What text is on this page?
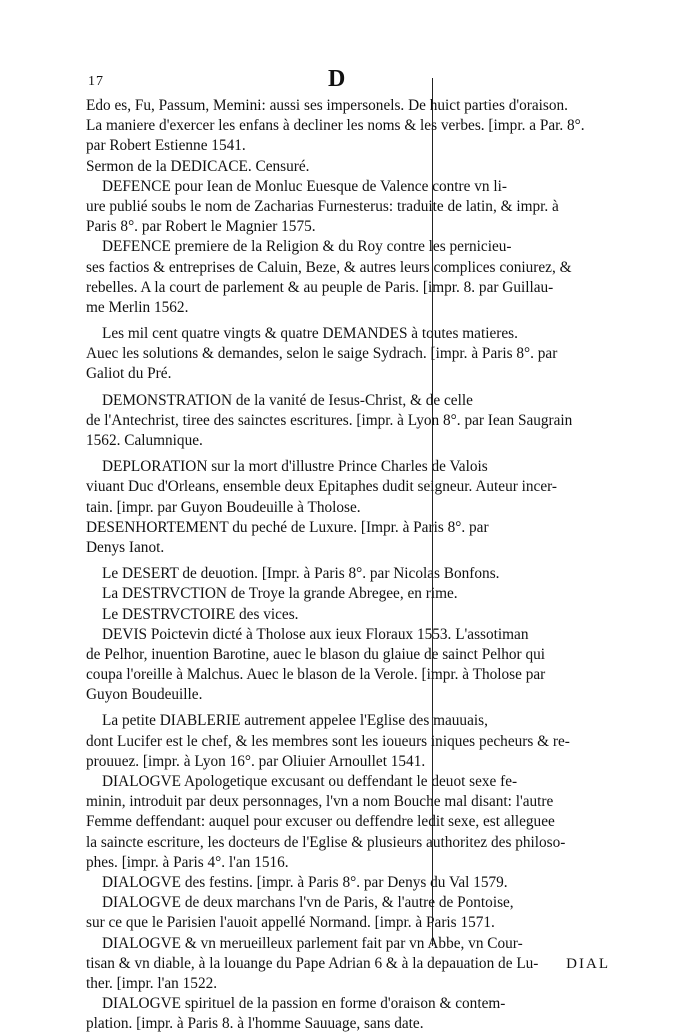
17	D
Edo es, Fu, Passum, Memini: aussi ses impersonels. De huict parties d'oraison.
La maniere d'exercer les enfans à decliner les noms & les verbes. [impr. a Par. 8°.
par Robert Estienne 1541.
Sermon de la DEDICACE. Censuré.
DEFENCE pour Iean de Monluc Euesque de Valence contre vn li-
ure publié soubs le nom de Zacharias Furnesterus: traduite de latin, & impr. à
Paris 8°. par Robert le Magnier 1575.
DEFENCE premiere de la Religion & du Roy contre les pernicieu-
ses factios & entreprises de Caluin, Beze, & autres leurs complices coniurez, &
rebelles. A la court de parlement & au peuple de Paris. [impr. 8. par Guillau-
me Merlin 1562.
Les mil cent quatre vingts & quatre DEMANDES à toutes matieres.
Auec les solutions & demandes, selon le saige Sydrach. [impr. à Paris 8°. par
Galiot du Pré.
DEMONSTRATION de la vanité de Iesus-Christ, & de celle
de l'Antechrist, tiree des sainctes escritures. [impr. à Lyon 8°. par Iean Saugrain
1562. Calumnique.
DEPLORATION sur la mort d'illustre Prince Charles de Valois
viuant Duc d'Orleans, ensemble deux Epitaphes dudit seigneur. Auteur incer-
tain. [impr. par Guyon Boudeuille à Tholose.
DESENHORTEMENT du peché de Luxure. [Impr. à Paris 8°. par
Denys Ianot.
Le DESERT de deuotion. [Impr. à Paris 8°. par Nicolas Bonfons.
La DESTRVCTION de Troye la grande Abregee, en rime.
Le DESTRVCTOIRE des vices.
DEVIS Poictevin dicté à Tholose aux ieux Floraux 1553. L'assotiman
de Pelhor, inuention Barotine, auec le blason du glaiue de sainct Pelhor qui
coupa l'oreille à Malchus. Auec le blason de la Verole. [impr. à Tholose par
Guyon Boudeuille.
La petite DIABLERIE autrement appelee l'Eglise des mauuais,
dont Lucifer est le chef, & les membres sont les ioueurs iniques pecheurs & re-
prouuez. [impr. à Lyon 16°. par Oliuier Arnoullet 1541.
DIALOGVE Apologetique excusant ou deffendant le deuot sexe fe-
minin, introduit par deux personnages, l'vn a nom Bouche mal disant: l'autre
Femme deffendant: auquel pour excuser ou deffendre ledit sexe, est alleguee
la saincte escriture, les docteurs de l'Eglise & plusieurs authoritez des philoso-
phes. [impr. à Paris 4°. l'an 1516.
DIALOGVE des festins. [impr. à Paris 8°. par Denys du Val 1579.
DIALOGVE de deux marchans l'vn de Paris, & l'autre de Pontoise,
sur ce que le Parisien l'auoit appellé Normand. [impr. à Paris 1571.
DIALOGVE & vn merueilleux parlement fait par vn Abbe, vn Cour-
tisan & vn diable, à la louange du Pape Adrian 6 & à la depauation de Lu-
ther. [impr. l'an 1522.
DIALOGVE spirituel de la passion en forme d'oraison & contem-
plation. [impr. à Paris 8. à l'homme Sauuage, sans date.
DIAL
